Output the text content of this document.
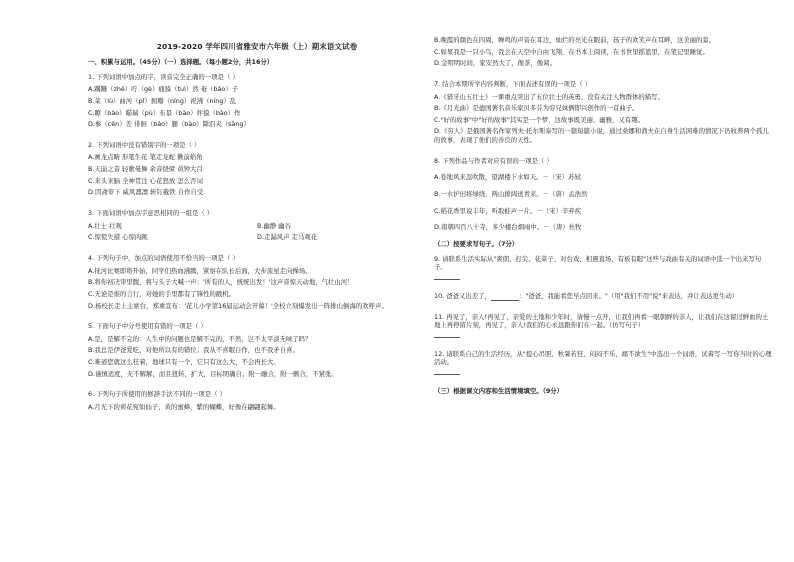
2019-2020 学年四川省雅安市六年级（上）期末语文试卷
一、积累与运用。（45分）（一）选择题。（每小题2分，共16分）

1. 下列词语中加点的字，读音完全正确的一项是（ ）

A.蹒跚（zhě）咛（gè）痛揍（tuì）然 奄（báo）子

B.菜（lù）曲河（pǐ）拥瓣（níng）祝沸（níng）乱

C.瞭（bào）瞄瑞（pù）布景（bào）抨摸（bào）作

D.参（cēn）差 徘徊（báo）腿（bào）降泪夹（sāng）

2. 下列词语中没有错别字的一项是（ ）

A.画龙点睛 形笔生花 笔走龙蛇 揪前焰角

B.天崩之音 轻歌曼舞 余音绕梁 黄钟大吕

C.来头来脑 全神贯注 心花怒放 怎么否词

D.因斋审下 威风凛凛 斩钉截铁 自作自受

3. 下面词语中加点字意思相同的一组是（ ）

A.壮士 壮观	B.幽静 幽谷

C.惊慌失措 心惊肉跳	D.走漏风声 走马观花

4. 下列句子中，加点的词语使用不恰当的一项是（ ）

A.抚河比赛即将开始，同学们热血沸腾，紧察在队长后面，大步流星走向操场。

B.将你初决审里腹，将与头子大喊一声：'所有的人，统统出发！'这声音惊天动地，气壮山河！

C.无论是谁的言行，对她的手里都有了锋性的戳机。

D.杨校长走上主席台，郑重宣布：'花儿小学第16届运动会开幕！'全校立刻爆发出一阵排山倒海的欢呼声。

5. 下面句子中分号使用有错的一项是（ ）

A.是，是解不完的：人生中的问题也是解不完的，不然，岂不太平淡无味了吗？

B.我总是伊爸爱吃，对他所以有的错位；我从不喜眠自作，也不我矛自喜。

C.难道您就这么狂着，地球只有一个，它只有这么大，不会再长大。

D.谨慎适度，无不解解，而且扭转，扩大，目标明确自；附一融合，附一颤合，不紧张。

6. 下列句子所使用的修辞手法不同的一项是（ ）

A.月光下的荷花宛如仙子，黄的蜜蜂，紫的蝴蝶，好像在翩翩起舞。

B.晚霞的颜色在四周，蝉鸣的声音在耳边，灿烂的亮光在眼前，孩子的欢笑声在耳畔，这美丽的景。

C.如果我是一只小鸟，我会在天空中自由飞翔，在书本上阅读，在书世里摇篮里，在笔记里睡觉。

D.金明明时间，家安然大了，像茶，像阅。

7. 结合本期所学内容判断，下面表述有误的一项是（ ）

A.《猎牙山五壮士》一课重点突出了五位壮士的英勇，没有关注人物群体的描写。

B.《月光曲》是德国著名音乐家贝多芬为穷兄妹俩即兴创作的一首曲子。

C."好的故事"中"好的故事"其实是一个梦，这故事既美丽、幽雅，又有趣。

D.《穷人》是俄国著名作家列夫·托尔斯泰写的一篇短篇小说，通过桑娜和渔夫在自身生活困难的情况下仍收养两个孤儿的故事，表现了他们的善良的天性。

8. 下列作品与作者对应有误的一项是（ ）

A.卷地风来忽吹散，望湖楼下水如天。－（宋）苏轼

B.一水护田将绿绕，两山排闼送青来。－（唐）孟浩然

C.稻花香里说丰年，听取蛙声一片。－（宋）辛弃疾

D.南朝四百八十寺，多少楼台烟雨中。－（唐）杜牧

（二）按要求写句子。（7分）

9. 请联系生活实际从"爽朗、打尖、花菜子、对台戏、相遇直场、有板有眼"这些与戏曲有关的词语中选一个出来写句子。

10. 爸爸又出差了，	："爸爸，我能看您早点回来。"（用"我们不用"说"来表达，并让表达更生动）

11. 再见了，亲人!再见了，亲爱的土地和少年时，请慢一点开，让我们再看一眼朝鲜的亲人，让我们在这留过鲜血的土地上再停留片刻，再见了，亲人!我们的心永远跟你们在一起。（仿写句子）

12. 请联系自己的生活经历，从"提心吊胆、秋暑若狂、闷闷不乐、痛不欲生"中选出一个词语，试着写一写你当时的心理活动。

（三）根据课文内容和生活情境填空。（9分）
